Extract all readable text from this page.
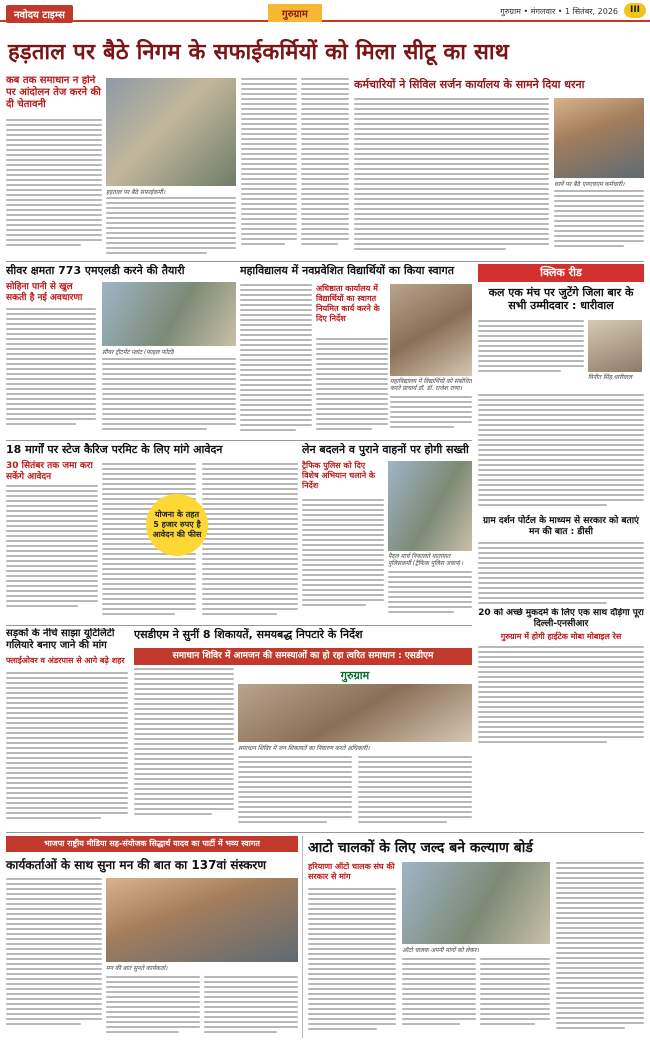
नवोदय टाइम्स	गुरुग्राम	गुरुग्राम • मंगलवार • 1 सितंबर, 2026	III
हड़ताल पर बैठे निगम के सफाईकर्मियों को मिला सीटू का साथ
कब तक समाधान न होने पर आंदोलन तेज करने की दी चेतावनी
हड़ताल पर बैठे सफाईकर्मी।
कर्मचारियों ने सिविल सर्जन कार्यालय के सामने दिया धरना
धरने पर बैठे एनएचएम कर्मचारी।
सीवर क्षमता 773 एमएलडी करने की तैयारी
सोहिना पानी से खुल सकती है नई अवधारणा
सीवर ट्रीटमेंट प्लांट (फाइल फोटो)
महाविद्यालय में नवप्रवेशित विद्यार्थियों का किया स्वागत
अधिष्ठाता कार्यालय में विद्यार्थियों का स्वागत नियमित कार्य करने के दिए निर्देश
महाविद्यालय में विद्यार्थियों को संबोधित करते प्राचार्य डॉ. डॉ. राजेश राणा।
क्लिक रीड
कल एक मंच पर जुटेंगे जिला बार के सभी उम्मीदवार : धारीवाल
विनीत सिंह धारीवाल
ग्राम दर्शन पोर्टल के माध्यम से सरकार को बताएं मन की बात : डीसी
20 को अच्छे मुकदमे के लिए एक साथ दौड़ेगा पूरा दिल्ली-एनसीआर
गुरुग्राम में होगी हाईटेक मोबा मोबाइल रेस
18 मार्गों पर स्टेज कैरिज परमिट के लिए मांगे आवेदन
30 सितंबर तक जमा करा सकेंगे आवेदन
योजना के तहत 5 हजार रुपए है आवेदन की फीस
लेन बदलने व पुराने वाहनों पर होगी सख्ती
ट्रैफिक पुलिस को दिए विशेष अभियान चलाने के निर्देश
पैदल मार्च निकालते यातायात पुलिसकर्मी (ट्रैफिक पुलिस जवान)।
सड़कों के नीचे साझा यूटिलिटी गलियारे बनाए जाने की मांग
फ्लाईओवर व अंडरपास से आगे बढ़े शहर
एसडीएम ने सुनीं 8 शिकायतें, समयबद्ध निपटारे के निर्देश
समाधान शिविर में आमजन की समस्याओं का हो रहा त्वरित समाधान : एसडीएम
गुरुग्राम
समाधान शिविर में जन शिकायतें का निवारण करते अधिकारी।
भाजपा राष्ट्रीय मीडिया सह-संयोजक सिद्धार्थ यादव का पार्टी में भव्य स्वागत
कार्यकर्ताओं के साथ सुना मन की बात का 137वां संस्करण
मन की बात सुनते कार्यकर्ता।
आटो चालकों के लिए जल्द बने कल्याण बोर्ड
हरियाणा ऑटो चालक संघ की सरकार से मांग
ऑटो चालक अपनी मांगों को लेकर।
